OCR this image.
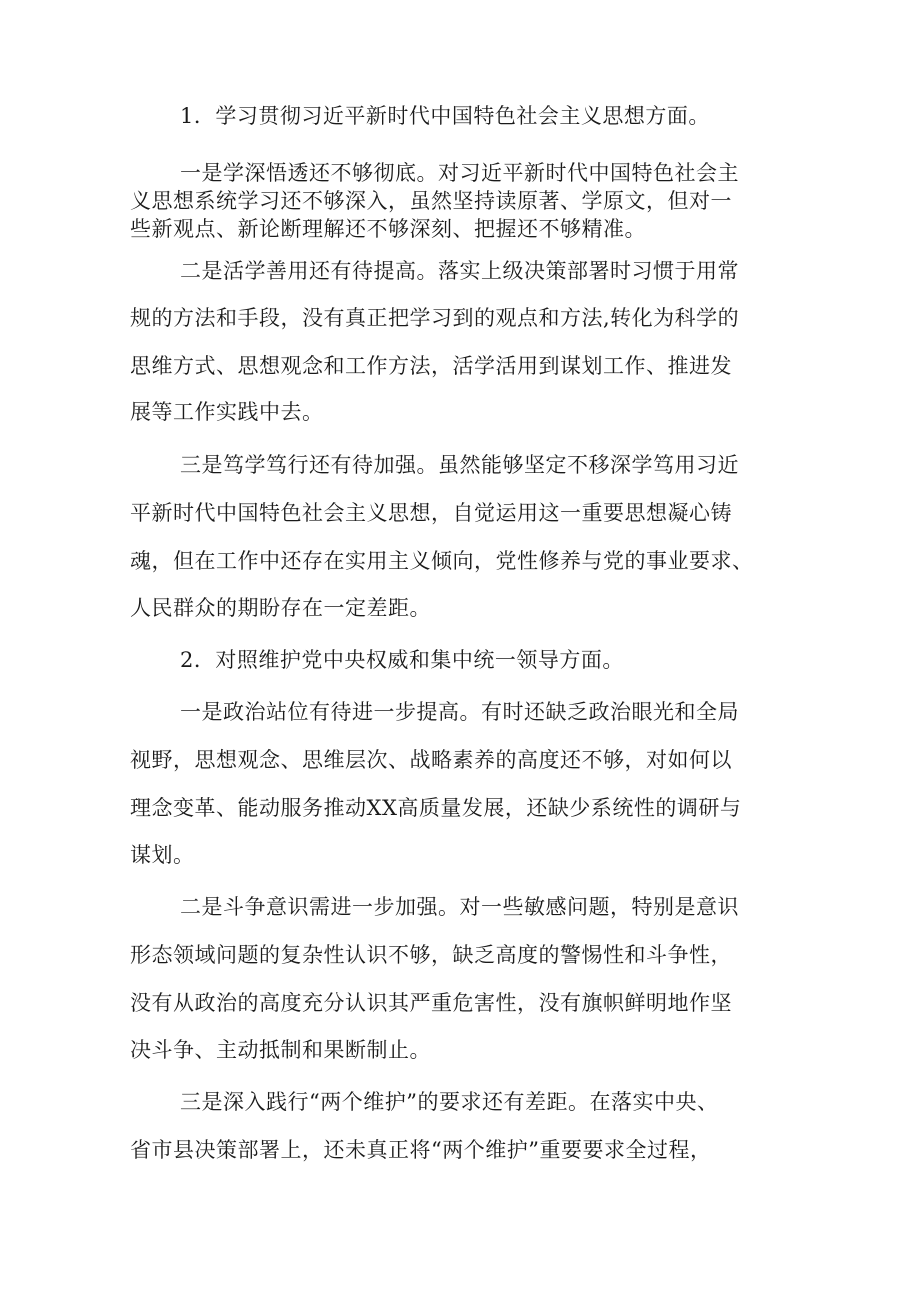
1．学习贯彻习近平新时代中国特色社会主义思想方面。
一是学深悟透还不够彻底。对习近平新时代中国特色社会主
义思想系统学习还不够深入，虽然坚持读原著、学原文，但对一
些新观点、新论断理解还不够深刻、把握还不够精准。
二是活学善用还有待提高。落实上级决策部署时习惯于用常
规的方法和手段，没有真正把学习到的观点和方法,转化为科学的
思维方式、思想观念和工作方法，活学活用到谋划工作、推进发
展等工作实践中去。
三是笃学笃行还有待加强。虽然能够坚定不移深学笃用习近
平新时代中国特色社会主义思想，自觉运用这一重要思想凝心铸
魂，但在工作中还存在实用主义倾向，党性修养与党的事业要求、
人民群众的期盼存在一定差距。
2．对照维护党中央权威和集中统一领导方面。
一是政治站位有待进一步提高。有时还缺乏政治眼光和全局
视野，思想观念、思维层次、战略素养的高度还不够，对如何以
理念变革、能动服务推动XX高质量发展，还缺少系统性的调研与
谋划。
二是斗争意识需进一步加强。对一些敏感问题，特别是意识
形态领域问题的复杂性认识不够，缺乏高度的警惕性和斗争性，
没有从政治的高度充分认识其严重危害性，没有旗帜鲜明地作坚
决斗争、主动抵制和果断制止。
三是深入践行“两个维护”的要求还有差距。在落实中央、
省市县决策部署上，还未真正将“两个维护”重要要求全过程，
